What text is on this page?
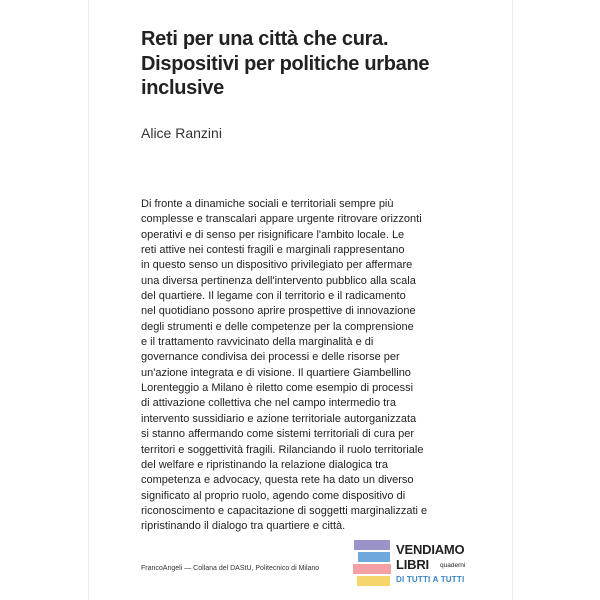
Reti per una città che cura.
Dispositivi per politiche urbane
inclusive
Alice Ranzini
Di fronte a dinamiche sociali e territoriali sempre più
complesse e transcalari appare urgente ritrovare orizzonti
operativi e di senso per risignificare l'ambito locale. Le
reti attive nei contesti fragili e marginali rappresentano
in questo senso un dispositivo privilegiato per affermare
una diversa pertinenza dell'intervento pubblico alla scala
del quartiere. Il legame con il territorio e il radicamento
nel quotidiano possono aprire prospettive di innovazione
degli strumenti e delle competenze per la comprensione
e il trattamento ravvicinato della marginalità e di
governance condivisa dei processi e delle risorse per
un'azione integrata e di visione. Il quartiere Giambellino
Lorenteggio a Milano è riletto come esempio di processi
di attivazione collettiva che nel campo intermedio tra
intervento sussidiario e azione territoriale autorganizzata
si stanno affermando come sistemi territoriali di cura per
territori e soggettività fragili. Rilanciando il ruolo territoriale
del welfare e ripristinando la relazione dialogica tra
competenza e advocacy, questa rete ha dato un diverso
significato al proprio ruolo, agendo come dispositivo di
riconoscimento e capacitazione di soggetti marginalizzati e
ripristinando il dialogo tra quartiere e città.
FrancoAngeli — Collana del DAStU, Politecnico di Milano
VENDIAMO
LIBRI quaderni
DI TUTTI A TUTTI
